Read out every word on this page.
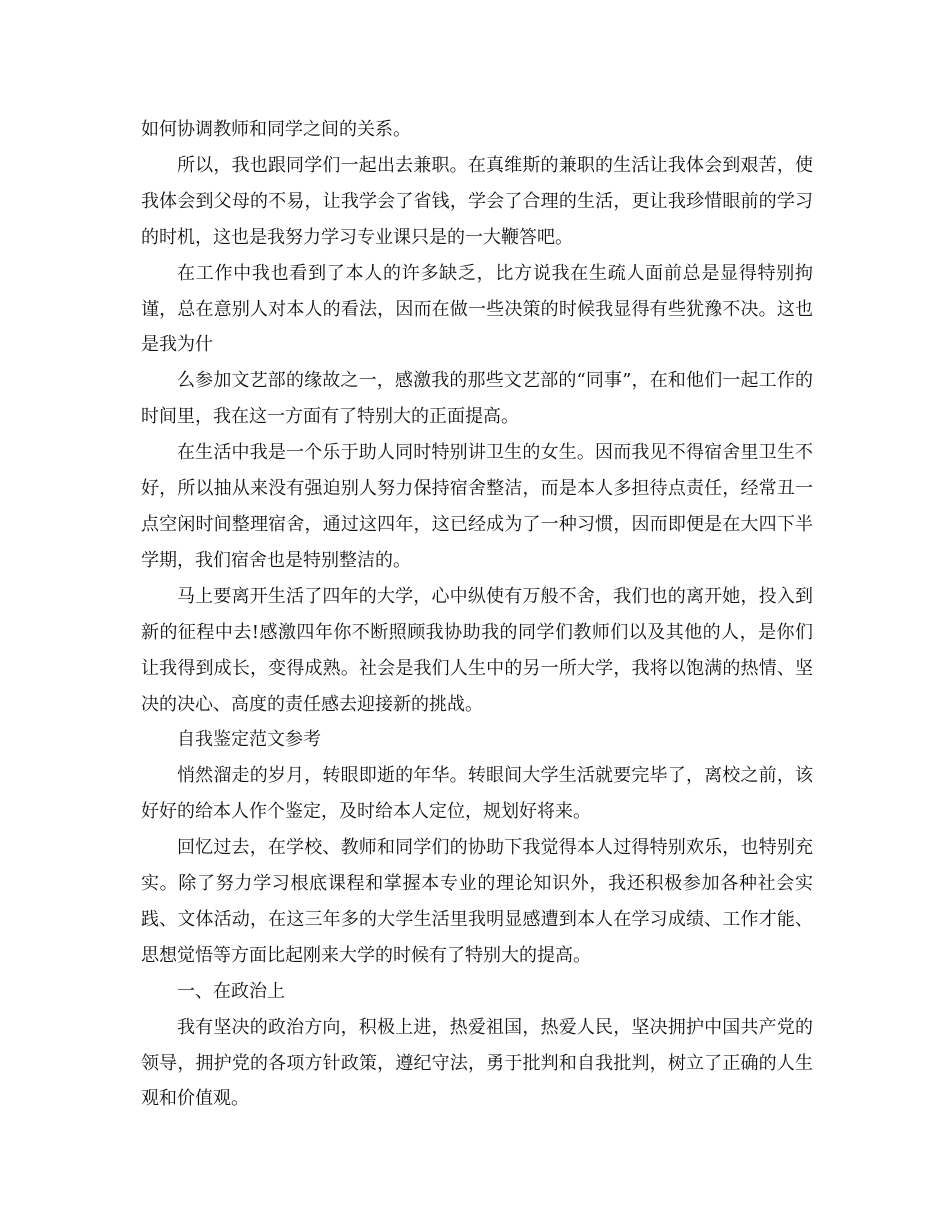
如何协调教师和同学之间的关系。

所以，我也跟同学们一起出去兼职。在真维斯的兼职的生活让我体会到艰苦，使我体会到父母的不易，让我学会了省钱，学会了合理的生活，更让我珍惜眼前的学习的时机，这也是我努力学习专业课只是的一大鞭答吧。

在工作中我也看到了本人的许多缺乏，比方说我在生疏人面前总是显得特别拘谨，总在意别人对本人的看法，因而在做一些决策的时候我显得有些犹豫不决。这也是我为什

么参加文艺部的缘故之一，感激我的那些文艺部的“同事”，在和他们一起工作的时间里，我在这一方面有了特别大的正面提高。

在生活中我是一个乐于助人同时特别讲卫生的女生。因而我见不得宿舍里卫生不好，所以抽从来没有强迫别人努力保持宿舍整洁，而是本人多担待点责任，经常丑一点空闲时间整理宿舍，通过这四年，这已经成为了一种习惯，因而即便是在大四下半学期，我们宿舍也是特别整洁的。

马上要离开生活了四年的大学，心中纵使有万般不舍，我们也的离开她，投入到新的征程中去!感激四年你不断照顾我协助我的同学们教师们以及其他的人，是你们让我得到成长，变得成熟。社会是我们人生中的另一所大学，我将以饱满的热情、坚决的决心、高度的责任感去迎接新的挑战。

自我鉴定范文参考

悄然溜走的岁月，转眼即逝的年华。转眼间大学生活就要完毕了，离校之前，该好好的给本人作个鉴定，及时给本人定位，规划好将来。

回忆过去，在学校、教师和同学们的协助下我觉得本人过得特别欢乐，也特别充实。除了努力学习根底课程和掌握本专业的理论知识外，我还积极参加各种社会实践、文体活动，在这三年多的大学生活里我明显感遭到本人在学习成绩、工作才能、思想觉悟等方面比起刚来大学的时候有了特别大的提高。

一、在政治上

我有坚决的政治方向，积极上进，热爱祖国，热爱人民，坚决拥护中国共产党的领导，拥护党的各项方针政策，遵纪守法，勇于批判和自我批判，树立了正确的人生观和价值观。
